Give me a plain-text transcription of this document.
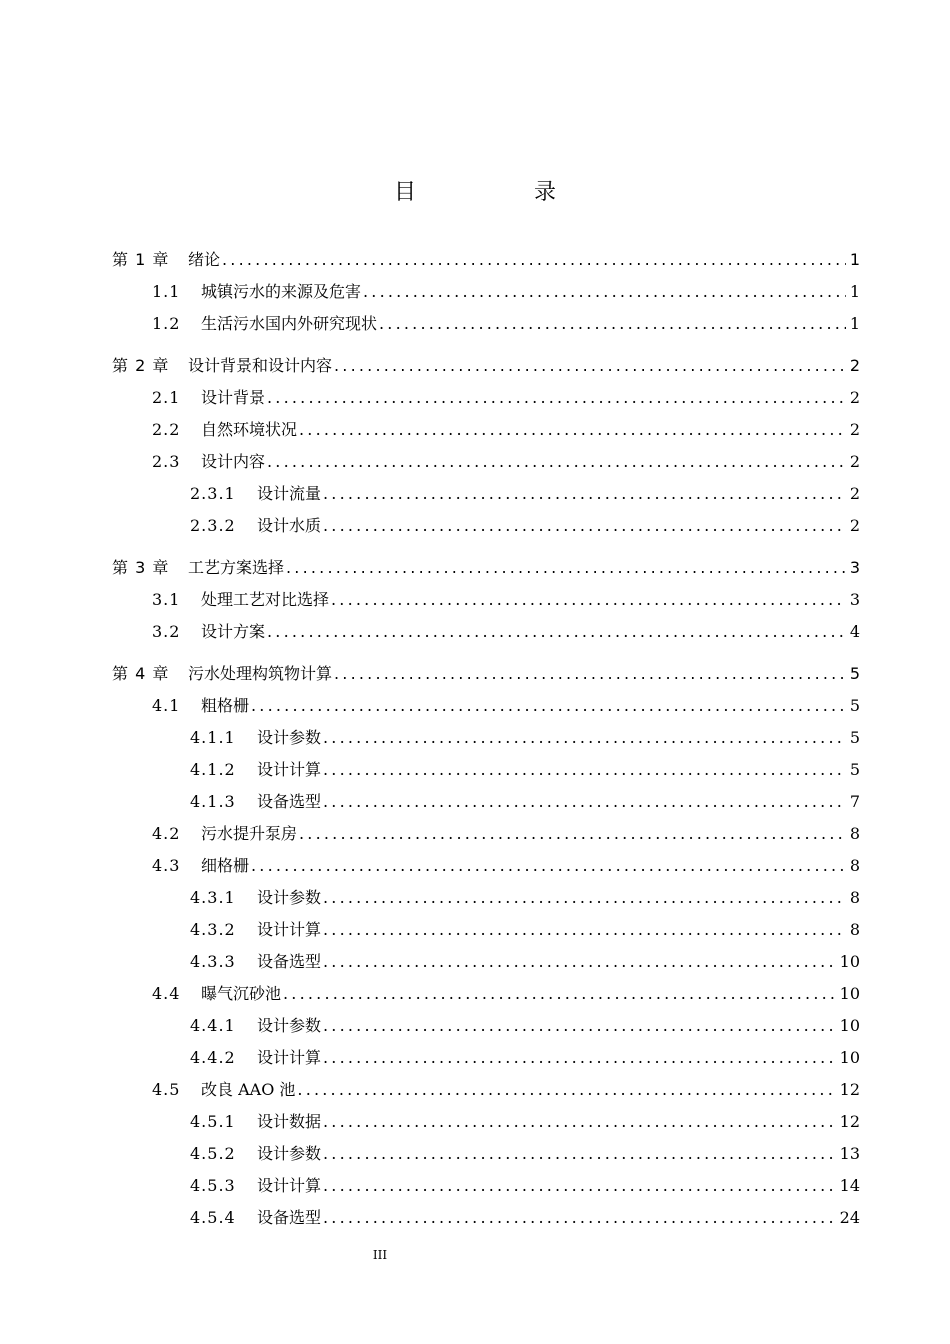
目　录
第 1 章	绪论 .....	1
1.1	城镇污水的来源及危害 .....	1
1.2	生活污水国内外研究现状 .....	1
第 2 章	设计背景和设计内容 .....	2
2.1	设计背景 .....	2
2.2	自然环境状况 .....	2
2.3	设计内容 .....	2
2.3.1	设计流量 .....	2
2.3.2	设计水质 .....	2
第 3 章	工艺方案选择 .....	3
3.1	处理工艺对比选择 .....	3
3.2	设计方案 .....	4
第 4 章	污水处理构筑物计算 .....	5
4.1	粗格栅 .....	5
4.1.1	设计参数 .....	5
4.1.2	设计计算 .....	5
4.1.3	设备选型 .....	7
4.2	污水提升泵房 .....	8
4.3	细格栅 .....	8
4.3.1	设计参数 .....	8
4.3.2	设计计算 .....	8
4.3.3	设备选型 .....	10
4.4	曝气沉砂池 .....	10
4.4.1	设计参数 .....	10
4.4.2	设计计算 .....	10
4.5	改良 AAO 池 .....	12
4.5.1	设计数据 .....	12
4.5.2	设计参数 .....	13
4.5.3	设计计算 .....	14
4.5.4	设备选型 .....	24
III
